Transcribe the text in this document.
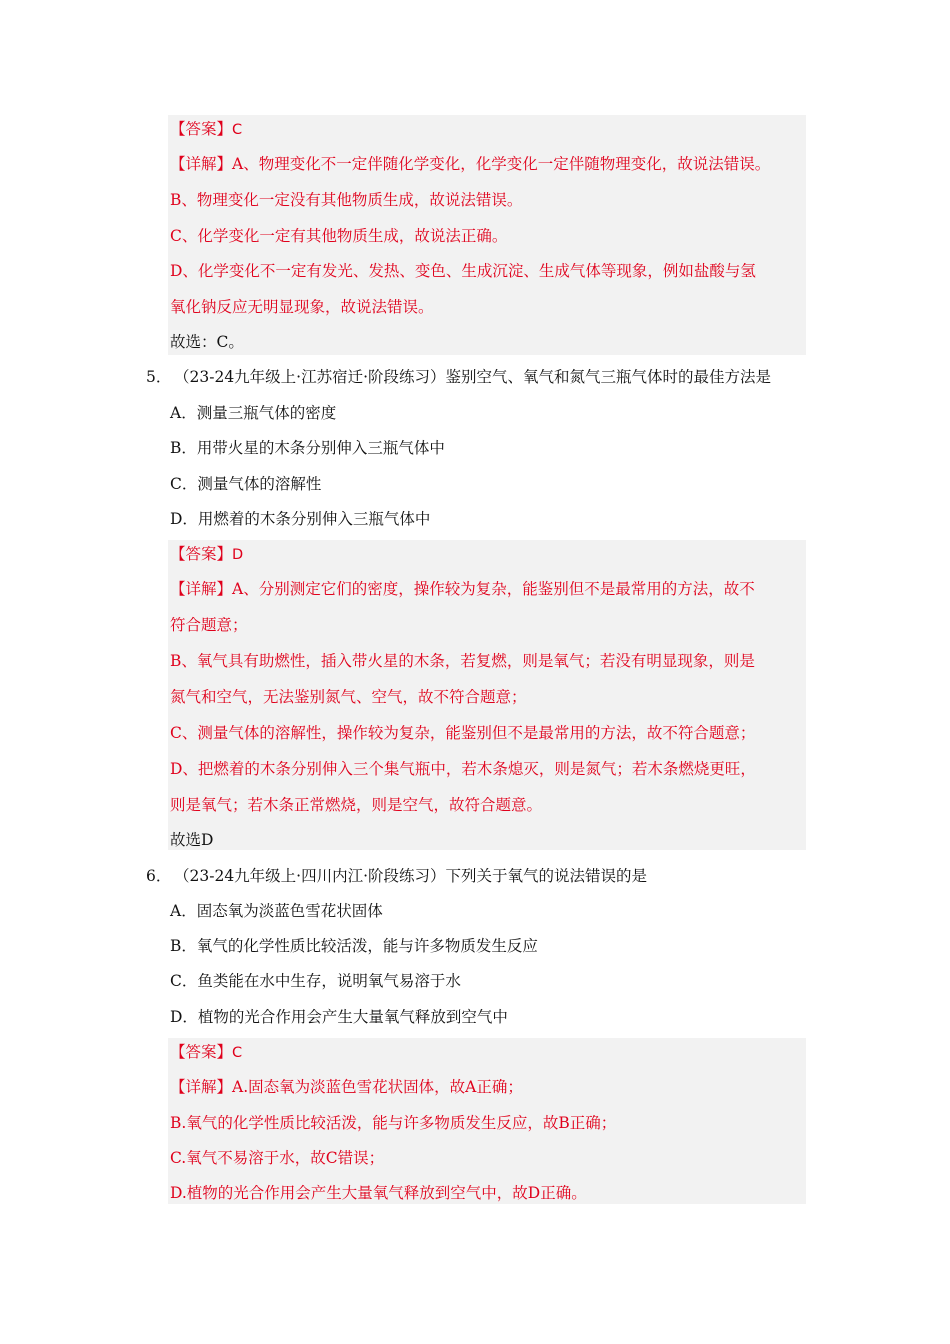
【答案】C
【详解】A、物理变化不一定伴随化学变化，化学变化一定伴随物理变化，故说法错误。
B、物理变化一定没有其他物质生成，故说法错误。
C、化学变化一定有其他物质生成，故说法正确。
D、化学变化不一定有发光、发热、变色、生成沉淀、生成气体等现象，例如盐酸与氢
氧化钠反应无明显现象，故说法错误。
故选：C。
5． （23-24九年级上·江苏宿迁·阶段练习）鉴别空气、氧气和氮气三瓶气体时的最佳方法是
A．测量三瓶气体的密度
B．用带火星的木条分别伸入三瓶气体中
C．测量气体的溶解性
D．用燃着的木条分别伸入三瓶气体中
【答案】D
【详解】A、分别测定它们的密度，操作较为复杂，能鉴别但不是最常用的方法，故不
符合题意；
B、氧气具有助燃性，插入带火星的木条，若复燃，则是氧气；若没有明显现象，则是
氮气和空气，无法鉴别氮气、空气，故不符合题意；
C、测量气体的溶解性，操作较为复杂，能鉴别但不是最常用的方法，故不符合题意；
D、把燃着的木条分别伸入三个集气瓶中，若木条熄灭，则是氮气；若木条燃烧更旺，
则是氧气；若木条正常燃烧，则是空气，故符合题意。
故选D
6． （23-24九年级上·四川内江·阶段练习）下列关于氧气的说法错误的是
A．固态氧为淡蓝色雪花状固体
B．氧气的化学性质比较活泼，能与许多物质发生反应
C．鱼类能在水中生存，说明氧气易溶于水
D．植物的光合作用会产生大量氧气释放到空气中
【答案】C
【详解】A.固态氧为淡蓝色雪花状固体，故A正确；
B.氧气的化学性质比较活泼，能与许多物质发生反应，故B正确；
C.氧气不易溶于水，故C错误；
D.植物的光合作用会产生大量氧气释放到空气中，故D正确。
